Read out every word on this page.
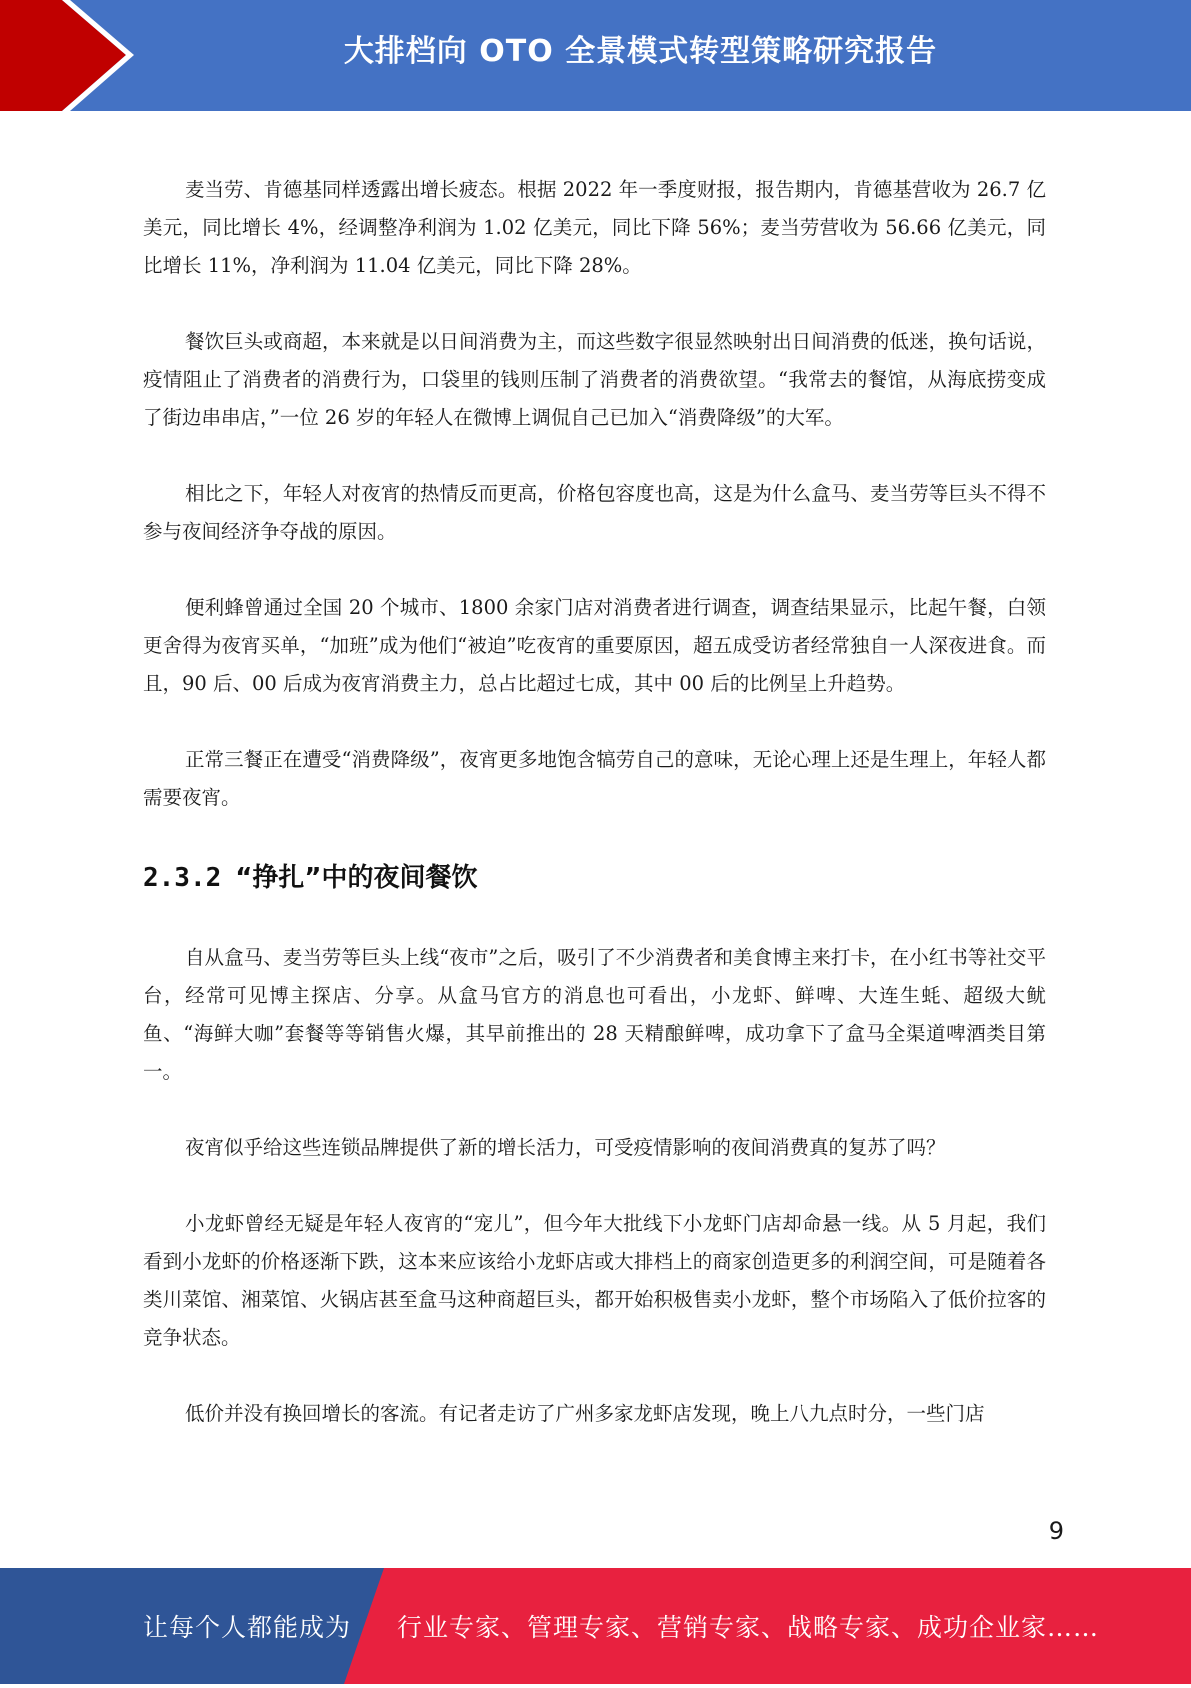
大排档向 OTO 全景模式转型策略研究报告

麦当劳、肯德基同样透露出增长疲态。根据 2022 年一季度财报，报告期内，肯德基营收为 26.7 亿美元，同比增长 4%，经调整净利润为 1.02 亿美元，同比下降 56%；麦当劳营收为 56.66 亿美元，同比增长 11%，净利润为 11.04 亿美元，同比下降 28%。

餐饮巨头或商超，本来就是以日间消费为主，而这些数字很显然映射出日间消费的低迷，换句话说，疫情阻止了消费者的消费行为，口袋里的钱则压制了消费者的消费欲望。“我常去的餐馆，从海底捞变成了街边串串店，”一位 26 岁的年轻人在微博上调侃自己已加入“消费降级”的大军。

相比之下，年轻人对夜宵的热情反而更高，价格包容度也高，这是为什么盒马、麦当劳等巨头不得不参与夜间经济争夺战的原因。

便利蜂曾通过全国 20 个城市、1800 余家门店对消费者进行调查，调查结果显示，比起午餐，白领更舍得为夜宵买单，“加班”成为他们“被迫”吃夜宵的重要原因，超五成受访者经常独自一人深夜进食。而且，90 后、00 后成为夜宵消费主力，总占比超过七成，其中 00 后的比例呈上升趋势。

正常三餐正在遭受“消费降级”，夜宵更多地饱含犒劳自己的意味，无论心理上还是生理上，年轻人都需要夜宵。

2.3.2 “挣扎”中的夜间餐饮

自从盒马、麦当劳等巨头上线“夜市”之后，吸引了不少消费者和美食博主来打卡，在小红书等社交平台，经常可见博主探店、分享。从盒马官方的消息也可看出，小龙虾、鲜啤、大连生蚝、超级大鱿鱼、“海鲜大咖”套餐等等销售火爆，其早前推出的 28 天精酿鲜啤，成功拿下了盒马全渠道啤酒类目第一。

夜宵似乎给这些连锁品牌提供了新的增长活力，可受疫情影响的夜间消费真的复苏了吗？

小龙虾曾经无疑是年轻人夜宵的“宠儿”，但今年大批线下小龙虾门店却命悬一线。从 5 月起，我们看到小龙虾的价格逐渐下跌，这本来应该给小龙虾店或大排档上的商家创造更多的利润空间，可是随着各类川菜馆、湘菜馆、火锅店甚至盒马这种商超巨头，都开始积极售卖小龙虾，整个市场陷入了低价拉客的竞争状态。

低价并没有换回增长的客流。有记者走访了广州多家龙虾店发现，晚上八九点时分，一些门店

9
让每个人都能成为 行业专家、管理专家、营销专家、战略专家、成功企业家……
